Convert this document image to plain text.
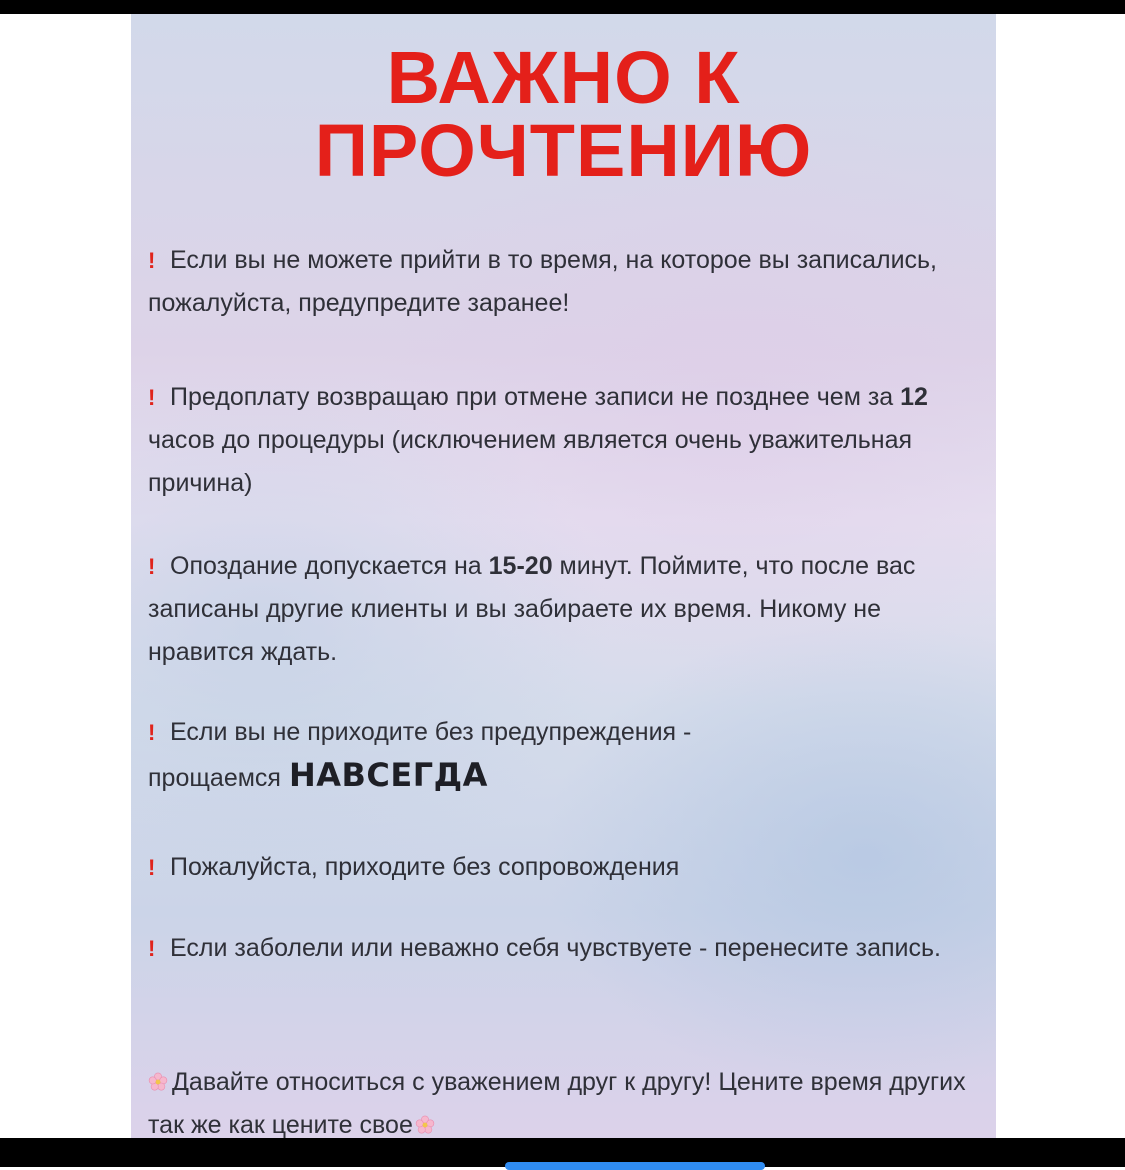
ВАЖНО К
ПРОЧТЕНИЮ
! Если вы не можете прийти в то время, на которое вы записались, пожалуйста, предупредите заранее!
! Предоплату возвращаю при отмене записи не позднее чем за 12 часов до процедуры (исключением является очень уважительная причина)
! Опоздание допускается на 15-20 минут. Поймите, что после вас записаны другие клиенты и вы забираете их время. Никому не нравится ждать.
! Если вы не приходите без предупреждения - прощаемся НАВСЕГДА
! Пожалуйста, приходите без сопровождения
! Если заболели или неважно себя чувствуете - перенесите запись.
Давайте относиться с уважением друг к другу! Цените время других так же как цените свое
